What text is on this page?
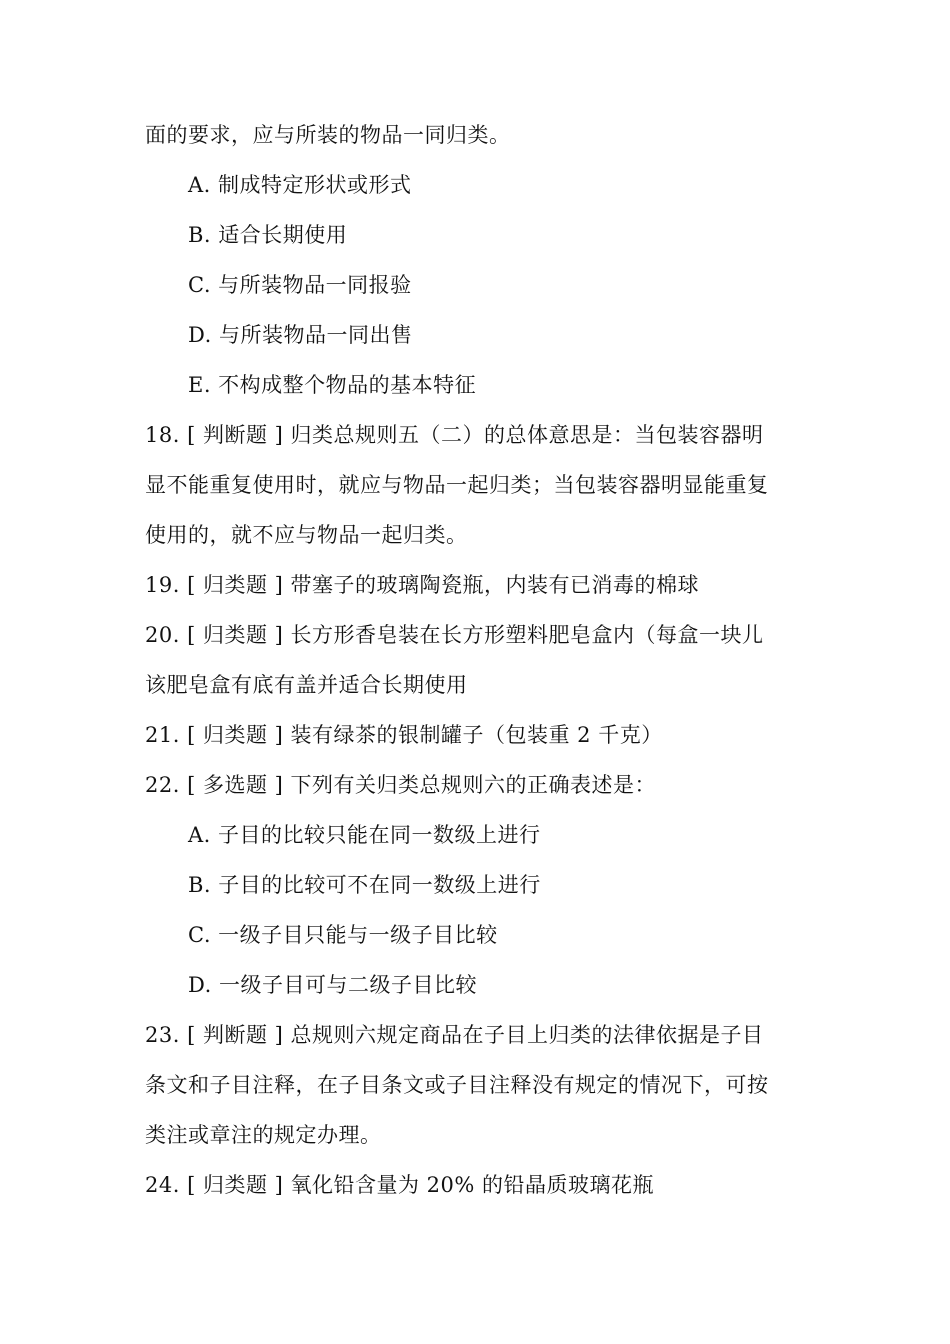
面的要求，应与所装的物品一同归类。
A. 制成特定形状或形式
B. 适合长期使用
C. 与所装物品一同报验
D. 与所装物品一同出售
E. 不构成整个物品的基本特征
18. [ 判断题 ] 归类总规则五（二）的总体意思是：当包装容器明
显不能重复使用时，就应与物品一起归类；当包装容器明显能重复
使用的，就不应与物品一起归类。
19. [ 归类题 ] 带塞子的玻璃陶瓷瓶，内装有已消毒的棉球
20. [ 归类题 ] 长方形香皂装在长方形塑料肥皂盒内（每盒一块儿
该肥皂盒有底有盖并适合长期使用
21. [ 归类题 ] 装有绿茶的银制罐子（包装重 2 千克）
22. [ 多选题 ] 下列有关归类总规则六的正确表述是：
A. 子目的比较只能在同一数级上进行
B. 子目的比较可不在同一数级上进行
C. 一级子目只能与一级子目比较
D. 一级子目可与二级子目比较
23. [ 判断题 ] 总规则六规定商品在子目上归类的法律依据是子目
条文和子目注释，在子目条文或子目注释没有规定的情况下，可按
类注或章注的规定办理。
24. [ 归类题 ] 氧化铅含量为 20% 的铅晶质玻璃花瓶
